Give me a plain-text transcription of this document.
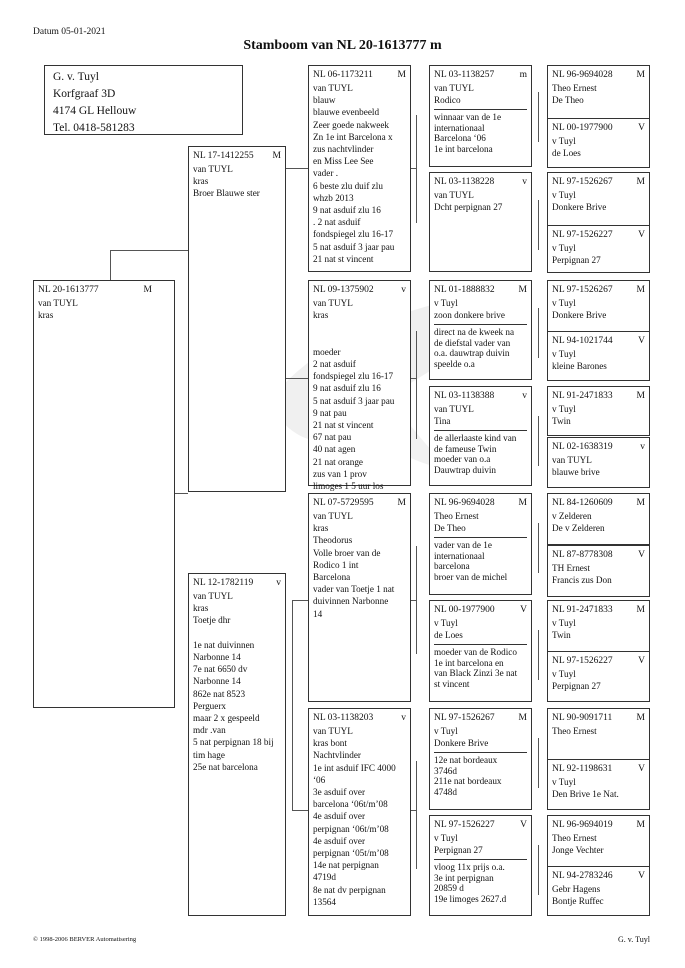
Datum 05-01-2021
Stamboom van NL 20-1613777 m
G. v. Tuyl
Korfgraaf 3D
4174 GL Hellouw
Tel. 0418-581283
NL 20-1613777	M
van TUYL
kras
NL 17-1412255 M
van TUYL
kras
Broer Blauwe ster
NL 12-1782119 v
van TUYL
kras
Toetje dhr

1e nat duivinnen
Narbonne 14
7e nat 6650 dv
Narbonne 14
862e nat 8523
Perguerx
maar 2 x gespeeld
mdr .van
5 nat perpignan 18 bij
tim hage
25e nat barcelona
NL 06-1173211	M
van TUYL
blauw
blauwe evenbeeld
Zeer goede nakweek
Zn 1e int Barcelona x
zus nachtvlinder
en Miss Lee See
vader .
6 beste zlu duif zlu
whzb 2013
9 nat asduif zlu 16
. 2 nat asduif
fondspiegel zlu 16-17
5 nat asduif 3 jaar pau
21 nat st vincent
NL 09-1375902	v
van TUYL
kras

moeder
2 nat asduif
fondspiegel zlu 16-17
9 nat asduif zlu 16
5 nat asduif 3 jaar pau
9 nat pau
21 nat st vincent
67 nat pau
40 nat agen
21 nat orange
zus van 1 prov
limoges 1 5 uur los
NL 07-5729595	M
van TUYL
kras
Theodorus
Volle broer van de
Rodico 1 int
Barcelona
vader van Toetje 1 nat
duivinnen Narbonne
14
NL 03-1138203	v
van TUYL
kras bont
Nachtvlinder
1e int asduif IFC 4000
‘06
3e asduif over
barcelona ‘06t/m’08
4e asduif over
perpignan ‘06t/m’08
4e asduif over
perpignan ‘05t/m’08
14e nat perpignan
4719d
8e nat dv perpignan
13564
NL 03-1138257	m
van TUYL
Rodico
winnaar van de 1e
internationaal
Barcelona ‘06
1e int barcelona
NL 03-1138228	v
van TUYL
Dcht perpignan 27
NL 01-1888832	M
v Tuyl
zoon donkere brive
direct na de kweek na
de diefstal vader van
o.a. dauwtrap duivin
speelde o.a
NL 03-1138388	v
van TUYL
Tina
de allerlaaste kind van
de fameuse Twin
moeder van o.a
Dauwtrap duivin
NL 96-9694028	M
Theo Ernest
De Theo
vader van de 1e
internationaal
barcelona
broer van de michel
NL 00-1977900	V
v Tuyl
de Loes
moeder van de Rodico
1e int barcelona en
van Black Zinzi 3e nat
st vincent
NL 97-1526267	M
v Tuyl
Donkere Brive
12e nat bordeaux
3746d
211e nat bordeaux
4748d
NL 97-1526227	V
v Tuyl
Perpignan 27
vloog 11x prijs o.a.
3e int perpignan
20859 d
19e limoges 2627.d
NL 96-9694028	M
Theo Ernest
De Theo
NL 00-1977900	V
v Tuyl
de Loes
NL 97-1526267	M
v Tuyl
Donkere Brive
NL 97-1526227	V
v Tuyl
Perpignan 27
NL 97-1526267	M
v Tuyl
Donkere Brive
NL 94-1021744	V
v Tuyl
kleine Barones
NL 91-2471833	M
v Tuyl
Twin
NL 02-1638319	v
van TUYL
blauwe brive
NL 84-1260609	M
v Zelderen
De v Zelderen
NL 87-8778308	V
TH Ernest
Francis zus Don
NL 91-2471833	M
v Tuyl
Twin
NL 97-1526227	V
v Tuyl
Perpignan 27
NL 90-9091711	M
Theo Ernest
NL 92-1198631	V
v Tuyl
Den Brive 1e Nat.
NL 96-9694019	M
Theo Ernest
Jonge Vechter
NL 94-2783246	V
Gebr Hagens
Bontje Ruffec
© 1998-2006 BERVER Automatisering	G. v. Tuyl
